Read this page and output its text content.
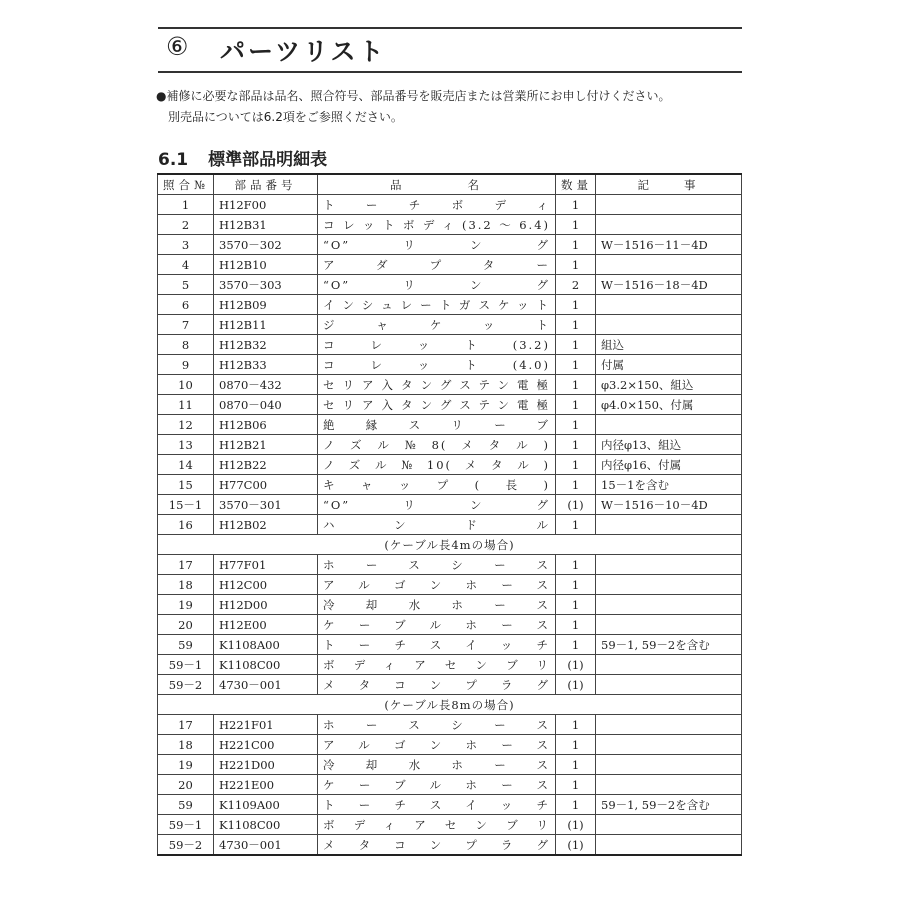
⑥ パーツリスト
●補修に必要な部品は品名、照合符号、部品番号を販売店または営業所にお申し付けください。
別売品については6.2項をご参照ください。
6.1 標準部品明細表
照合№	部品番号	品　　　　名	数量	記　　事
1	H12F00	トーチボディ	1	
2	H12B31	コレットボディ(3.2～6.4)	1	
3	3570－302	“O”リング	1	W－1516－11－4D
4	H12B10	アダプター	1	
5	3570－303	“O”リング	2	W－1516－18－4D
6	H12B09	インシュレートガスケット	1	
7	H12B11	ジャケット	1	
8	H12B32	コレット(3.2)	1	組込
9	H12B33	コレット(4.0)	1	付属
10	0870－432	セリア入タングステン電極	1	φ3.2×150、組込
11	0870－040	セリア入タングステン電極	1	φ4.0×150、付属
12	H12B06	絶縁スリーブ	1	
13	H12B21	ノズル№8(メタル)	1	内径φ13、組込
14	H12B22	ノズル№10(メタル)	1	内径φ16、付属
15	H77C00	キャップ(長)	1	15－1を含む
15－1	3570－301	“O”リング	(1)	W－1516－10－4D
16	H12B02	ハンドル	1	
(ケーブル長4mの場合)				
17	H77F01	ホースシース	1	
18	H12C00	アルゴンホース	1	
19	H12D00	冷却水ホース	1	
20	H12E00	ケーブルホース	1	
59	K1108A00	トーチスイッチ	1	59－1, 59－2を含む
59－1	K1108C00	ボディアセンブリ	(1)	
59－2	4730－001	メタコンプラグ	(1)	
(ケーブル長8mの場合)				
17	H221F01	ホースシース	1	
18	H221C00	アルゴンホース	1	
19	H221D00	冷却水ホース	1	
20	H221E00	ケーブルホース	1	
59	K1109A00	トーチスイッチ	1	59－1, 59－2を含む
59－1	K1108C00	ボディアセンブリ	(1)	
59－2	4730－001	メタコンプラグ	(1)	
